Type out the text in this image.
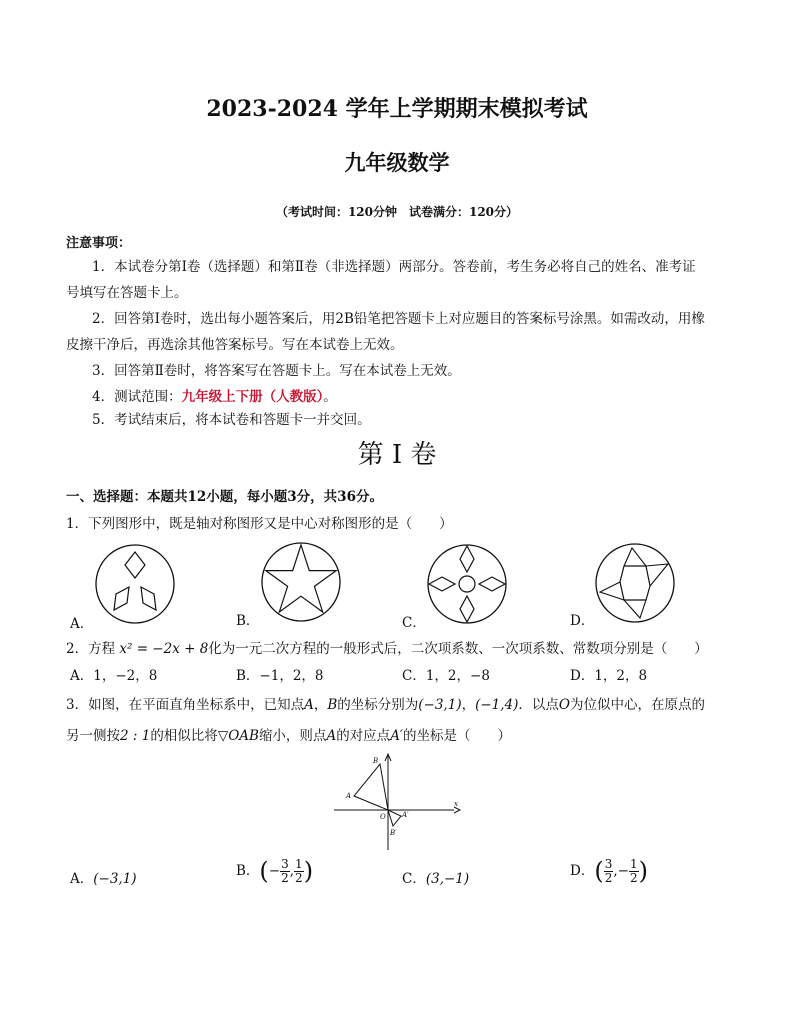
2023-2024 学年上学期期末模拟考试
九年级数学
（考试时间：120分钟　试卷满分：120分）
注意事项：
1．本试卷分第Ⅰ卷（选择题）和第Ⅱ卷（非选择题）两部分。答卷前，考生务必将自己的姓名、准考证
号填写在答题卡上。
2．回答第Ⅰ卷时，选出每小题答案后，用2B铅笔把答题卡上对应题目的答案标号涂黑。如需改动，用橡
皮擦干净后，再选涂其他答案标号。写在本试卷上无效。
3．回答第Ⅱ卷时，将答案写在答题卡上。写在本试卷上无效。
4．测试范围：九年级上下册（人教版）。
5．考试结束后，将本试卷和答题卡一并交回。
第 I 卷
一、选择题：本题共12小题，每小题3分，共36分。
1．下列图形中，既是轴对称图形又是中心对称图形的是（　　）
A．	B．	C．	D．
2．方程 x² = −2x + 8化为一元二次方程的一般形式后，二次项系数、一次项系数、常数项分别是（　　）
A．1，−2，8	B．−1，2，8	C．1，2，−8	D．1，2，8
3．如图，在平面直角坐标系中，已知点A，B的坐标分别为(−3,1)，(−1,4)．以点O为位似中心，在原点的
另一侧按2 : 1的相似比将▽OAB缩小，则点A的对应点A′的坐标是（　　）
B
A
O A′
B′
x
A．(−3,1)	B．(− $\frac{3}{2}$ , $\frac{1}{2}$ )	C．(3,−1)	D．( $\frac{3}{2}$ ,− $\frac{1}{2}$ )
